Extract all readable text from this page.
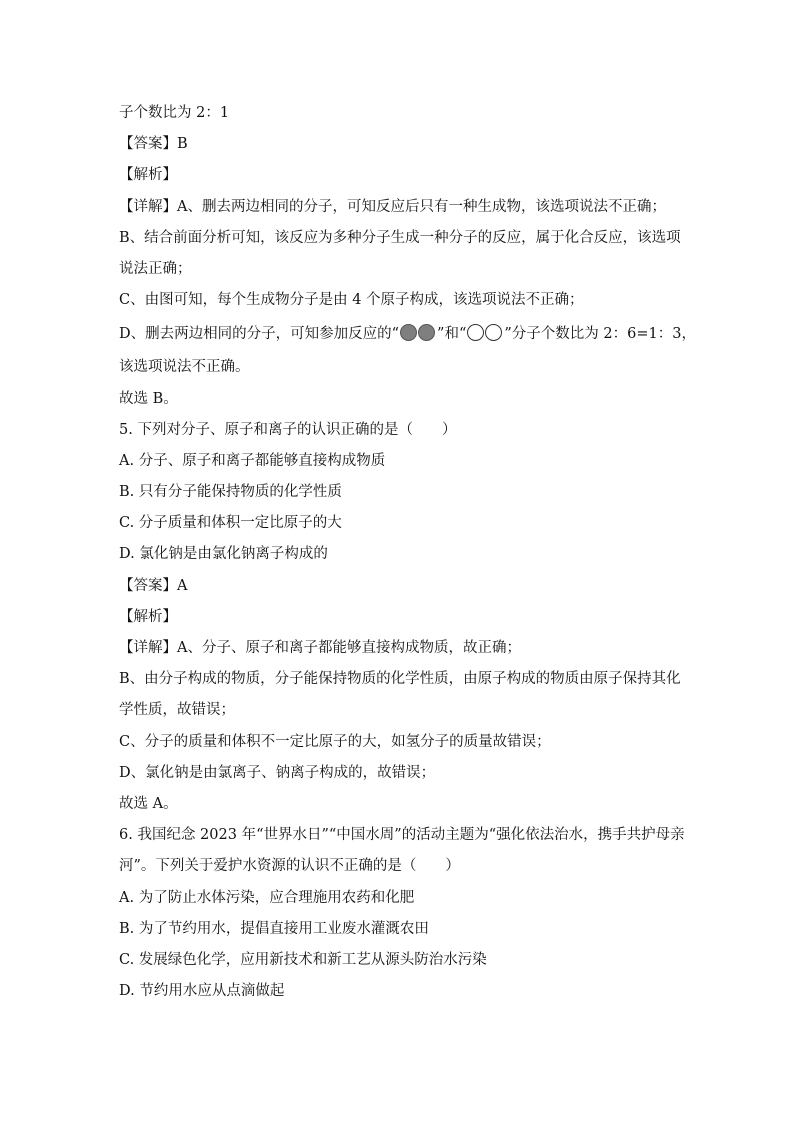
子个数比为 2：1
【答案】B
【解析】
【详解】A、删去两边相同的分子，可知反应后只有一种生成物，该选项说法不正确；
B、结合前面分析可知，该反应为多种分子生成一种分子的反应，属于化合反应，该选项
说法正确；
C、由图可知，每个生成物分子是由 4 个原子构成，该选项说法不正确；
D、删去两边相同的分子，可知参加反应的“	”和“	”分子个数比为 2：6=1：3，
该选项说法不正确。
故选 B。
5. 下列对分子、原子和离子的认识正确的是（　　）
A. 分子、原子和离子都能够直接构成物质
B. 只有分子能保持物质的化学性质
C. 分子质量和体积一定比原子的大
D. 氯化钠是由氯化钠离子构成的
【答案】A
【解析】
【详解】A、分子、原子和离子都能够直接构成物质，故正确；
B、由分子构成的物质，分子能保持物质的化学性质，由原子构成的物质由原子保持其化
学性质，故错误；
C、分子的质量和体积不一定比原子的大，如氢分子的质量故错误；
D、氯化钠是由氯离子、钠离子构成的，故错误；
故选 A。
6. 我国纪念 2023 年“世界水日”“中国水周”的活动主题为“强化依法治水，携手共护母亲
河”。下列关于爱护水资源的认识不正确的是（　　）
A. 为了防止水体污染，应合理施用农药和化肥
B. 为了节约用水，提倡直接用工业废水灌溉农田
C. 发展绿色化学，应用新技术和新工艺从源头防治水污染
D. 节约用水应从点滴做起
